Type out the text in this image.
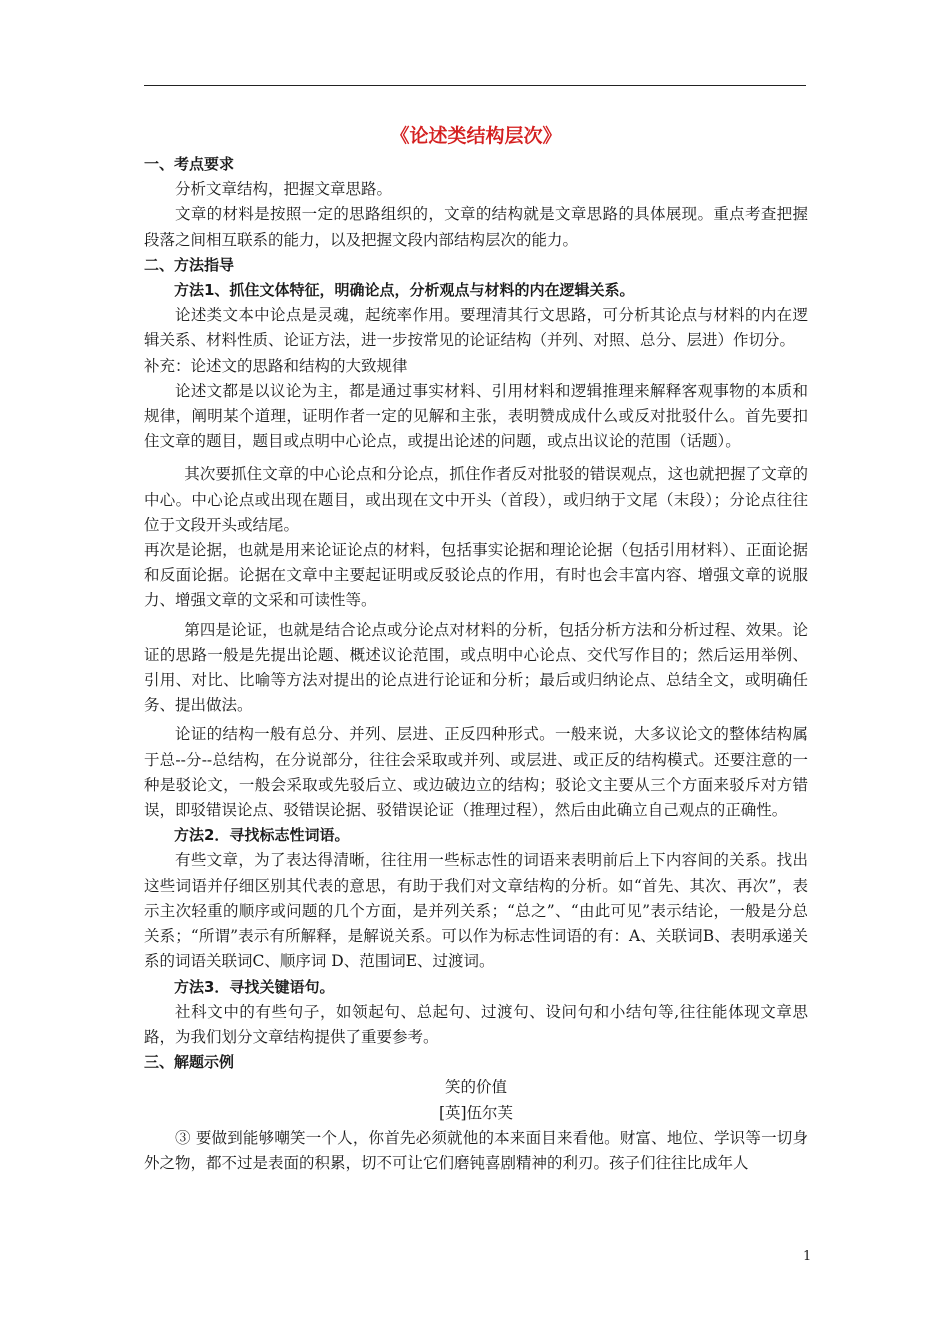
《论述类结构层次》
一、考点要求
分析文章结构，把握文章思路。
文章的材料是按照一定的思路组织的，文章的结构就是文章思路的具体展现。重点考查把握段落之间相互联系的能力，以及把握文段内部结构层次的能力。
二、方法指导
方法1、抓住文体特征，明确论点，分析观点与材料的内在逻辑关系。
论述类文本中论点是灵魂，起统率作用。要理清其行文思路，可分析其论点与材料的内在逻辑关系、材料性质、论证方法，进一步按常见的论证结构（并列、对照、总分、层进）作切分。
补充：论述文的思路和结构的大致规律
论述文都是以议论为主，都是通过事实材料、引用材料和逻辑推理来解释客观事物的本质和规律，阐明某个道理，证明作者一定的见解和主张，表明赞成成什么或反对批驳什么。首先要扣住文章的题目，题目或点明中心论点，或提出论述的问题，或点出议论的范围（话题）。
其次要抓住文章的中心论点和分论点，抓住作者反对批驳的错误观点，这也就把握了文章的中心。中心论点或出现在题目，或出现在文中开头（首段），或归纳于文尾（末段）；分论点往往位于文段开头或结尾。
再次是论据，也就是用来论证论点的材料，包括事实论据和理论论据（包括引用材料）、正面论据和反面论据。论据在文章中主要起证明或反驳论点的作用，有时也会丰富内容、增强文章的说服力、增强文章的文采和可读性等。
第四是论证，也就是结合论点或分论点对材料的分析，包括分析方法和分析过程、效果。论证的思路一般是先提出论题、概述议论范围，或点明中心论点、交代写作目的；然后运用举例、引用、对比、比喻等方法对提出的论点进行论证和分析；最后或归纳论点、总结全文，或明确任务、提出做法。
论证的结构一般有总分、并列、层进、正反四种形式。一般来说，大多议论文的整体结构属于总--分--总结构，在分说部分，往往会采取或并列、或层进、或正反的结构模式。还要注意的一种是驳论文，一般会采取或先驳后立、或边破边立的结构；驳论文主要从三个方面来驳斥对方错误，即驳错误论点、驳错误论据、驳错误论证（推理过程），然后由此确立自己观点的正确性。
方法2．寻找标志性词语。
有些文章，为了表达得清晰，往往用一些标志性的词语来表明前后上下内容间的关系。找出这些词语并仔细区别其代表的意思，有助于我们对文章结构的分析。如“首先、其次、再次”，表示主次轻重的顺序或问题的几个方面，是并列关系；“总之”、“由此可见”表示结论，一般是分总关系；“所谓”表示有所解释，是解说关系。可以作为标志性词语的有：A、关联词B、表明承递关系的词语关联词C、顺序词 D、范围词E、过渡词。
方法3．寻找关键语句。
社科文中的有些句子，如领起句、总起句、过渡句、设问句和小结句等,往往能体现文章思路，为我们划分文章结构提供了重要参考。
三、解题示例
笑的价值
[英]伍尔芙
③ 要做到能够嘲笑一个人，你首先必须就他的本来面目来看他。财富、地位、学识等一切身外之物，都不过是表面的积累，切不可让它们磨钝喜剧精神的利刃。孩子们往往比成年人
1
